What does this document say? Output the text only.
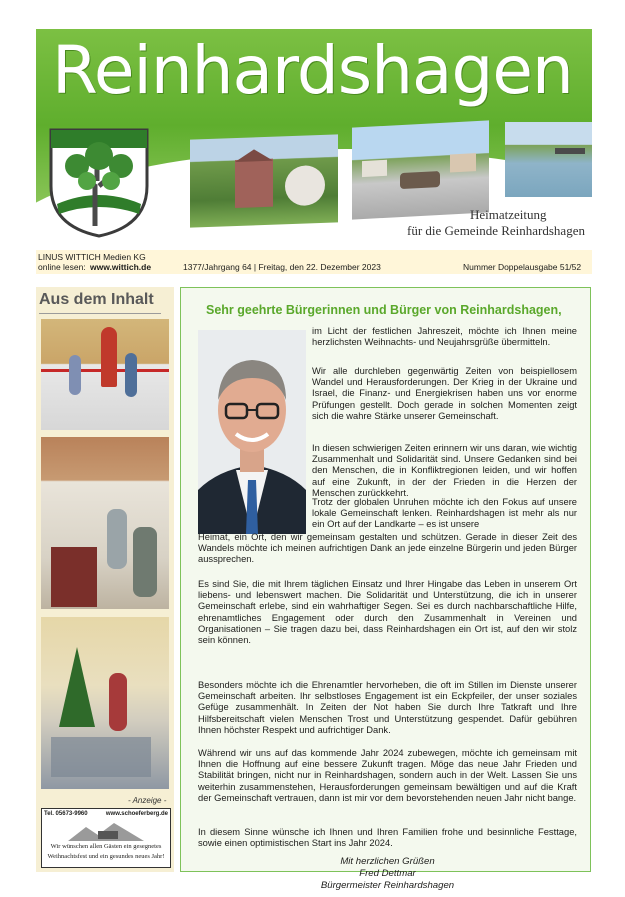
Reinhardshagen
Heimatzeitung
für die Gemeinde Reinhardshagen
LINUS WITTICH Medien KG
online lesen: www.wittich.de	1377/Jahrgang 64 | Freitag, den 22. Dezember 2023	Nummer Doppelausgabe 51/52
Aus dem Inhalt
- Anzeige -
Tel. 05673-9960	www.schoeferberg.de
Wir wünschen allen Gästen ein gesegnetes
Weihnachtsfest und ein gesundes neues Jahr!
Sehr geehrte Bürgerinnen und Bürger von Reinhardshagen,
im Licht der festlichen Jahreszeit, möchte ich Ihnen meine herzlichsten Weihnachts- und Neujahrsgrüße übermitteln.
Wir alle durchleben gegenwärtig Zeiten von beispiellosem Wandel und Herausforderungen. Der Krieg in der Ukraine und Israel, die Finanz- und Energiekrisen haben uns vor enorme Prüfungen gestellt. Doch gerade in solchen Momenten zeigt sich die wahre Stärke unserer Gemeinschaft.
In diesen schwierigen Zeiten erinnern wir uns daran, wie wichtig Zusammenhalt und Solidarität sind. Unsere Gedanken sind bei den Menschen, die in Konfliktregionen leiden, und wir hoffen auf eine Zukunft, in der der Frieden in die Herzen der Menschen zurückkehrt.
Trotz der globalen Unruhen möchte ich den Fokus auf unsere lokale Gemeinschaft lenken. Reinhardshagen ist mehr als nur ein Ort auf der Landkarte – es ist unsere
Heimat, ein Ort, den wir gemeinsam gestalten und schützen. Gerade in dieser Zeit des Wandels möchte ich meinen aufrichtigen Dank an jede einzelne Bürgerin und jeden Bürger aussprechen.
Es sind Sie, die mit Ihrem täglichen Einsatz und Ihrer Hingabe das Leben in unserem Ort liebens- und lebenswert machen. Die Solidarität und Unterstützung, die ich in unserer Gemeinschaft erlebe, sind ein wahrhaftiger Segen. Sei es durch nachbarschaftliche Hilfe, ehrenamtliches Engagement oder durch den Zusammenhalt in Vereinen und Organisationen – Sie tragen dazu bei, dass Reinhardshagen ein Ort ist, auf den wir stolz sein können.
Besonders möchte ich die Ehrenamtler hervorheben, die oft im Stillen im Dienste unserer Gemeinschaft arbeiten. Ihr selbstloses Engagement ist ein Eckpfeiler, der unser soziales Gefüge zusammenhält. In Zeiten der Not haben Sie durch Ihre Tatkraft und Ihre Hilfsbereitschaft vielen Menschen Trost und Unterstützung gespendet. Dafür gebühren Ihnen höchster Respekt und aufrichtiger Dank.
Während wir uns auf das kommende Jahr 2024 zubewegen, möchte ich gemeinsam mit Ihnen die Hoffnung auf eine bessere Zukunft tragen. Möge das neue Jahr Frieden und Stabilität bringen, nicht nur in Reinhardshagen, sondern auch in der Welt. Lassen Sie uns weiterhin zusammenstehen, Herausforderungen gemeinsam bewältigen und auf die Kraft der Gemeinschaft vertrauen, dann ist mir vor dem bevorstehenden neuen Jahr nicht bange.
In diesem Sinne wünsche ich Ihnen und Ihren Familien frohe und besinnliche Festtage, sowie einen optimistischen Start ins Jahr 2024.
Mit herzlichen Grüßen
Fred Dettmar
Bürgermeister Reinhardshagen
